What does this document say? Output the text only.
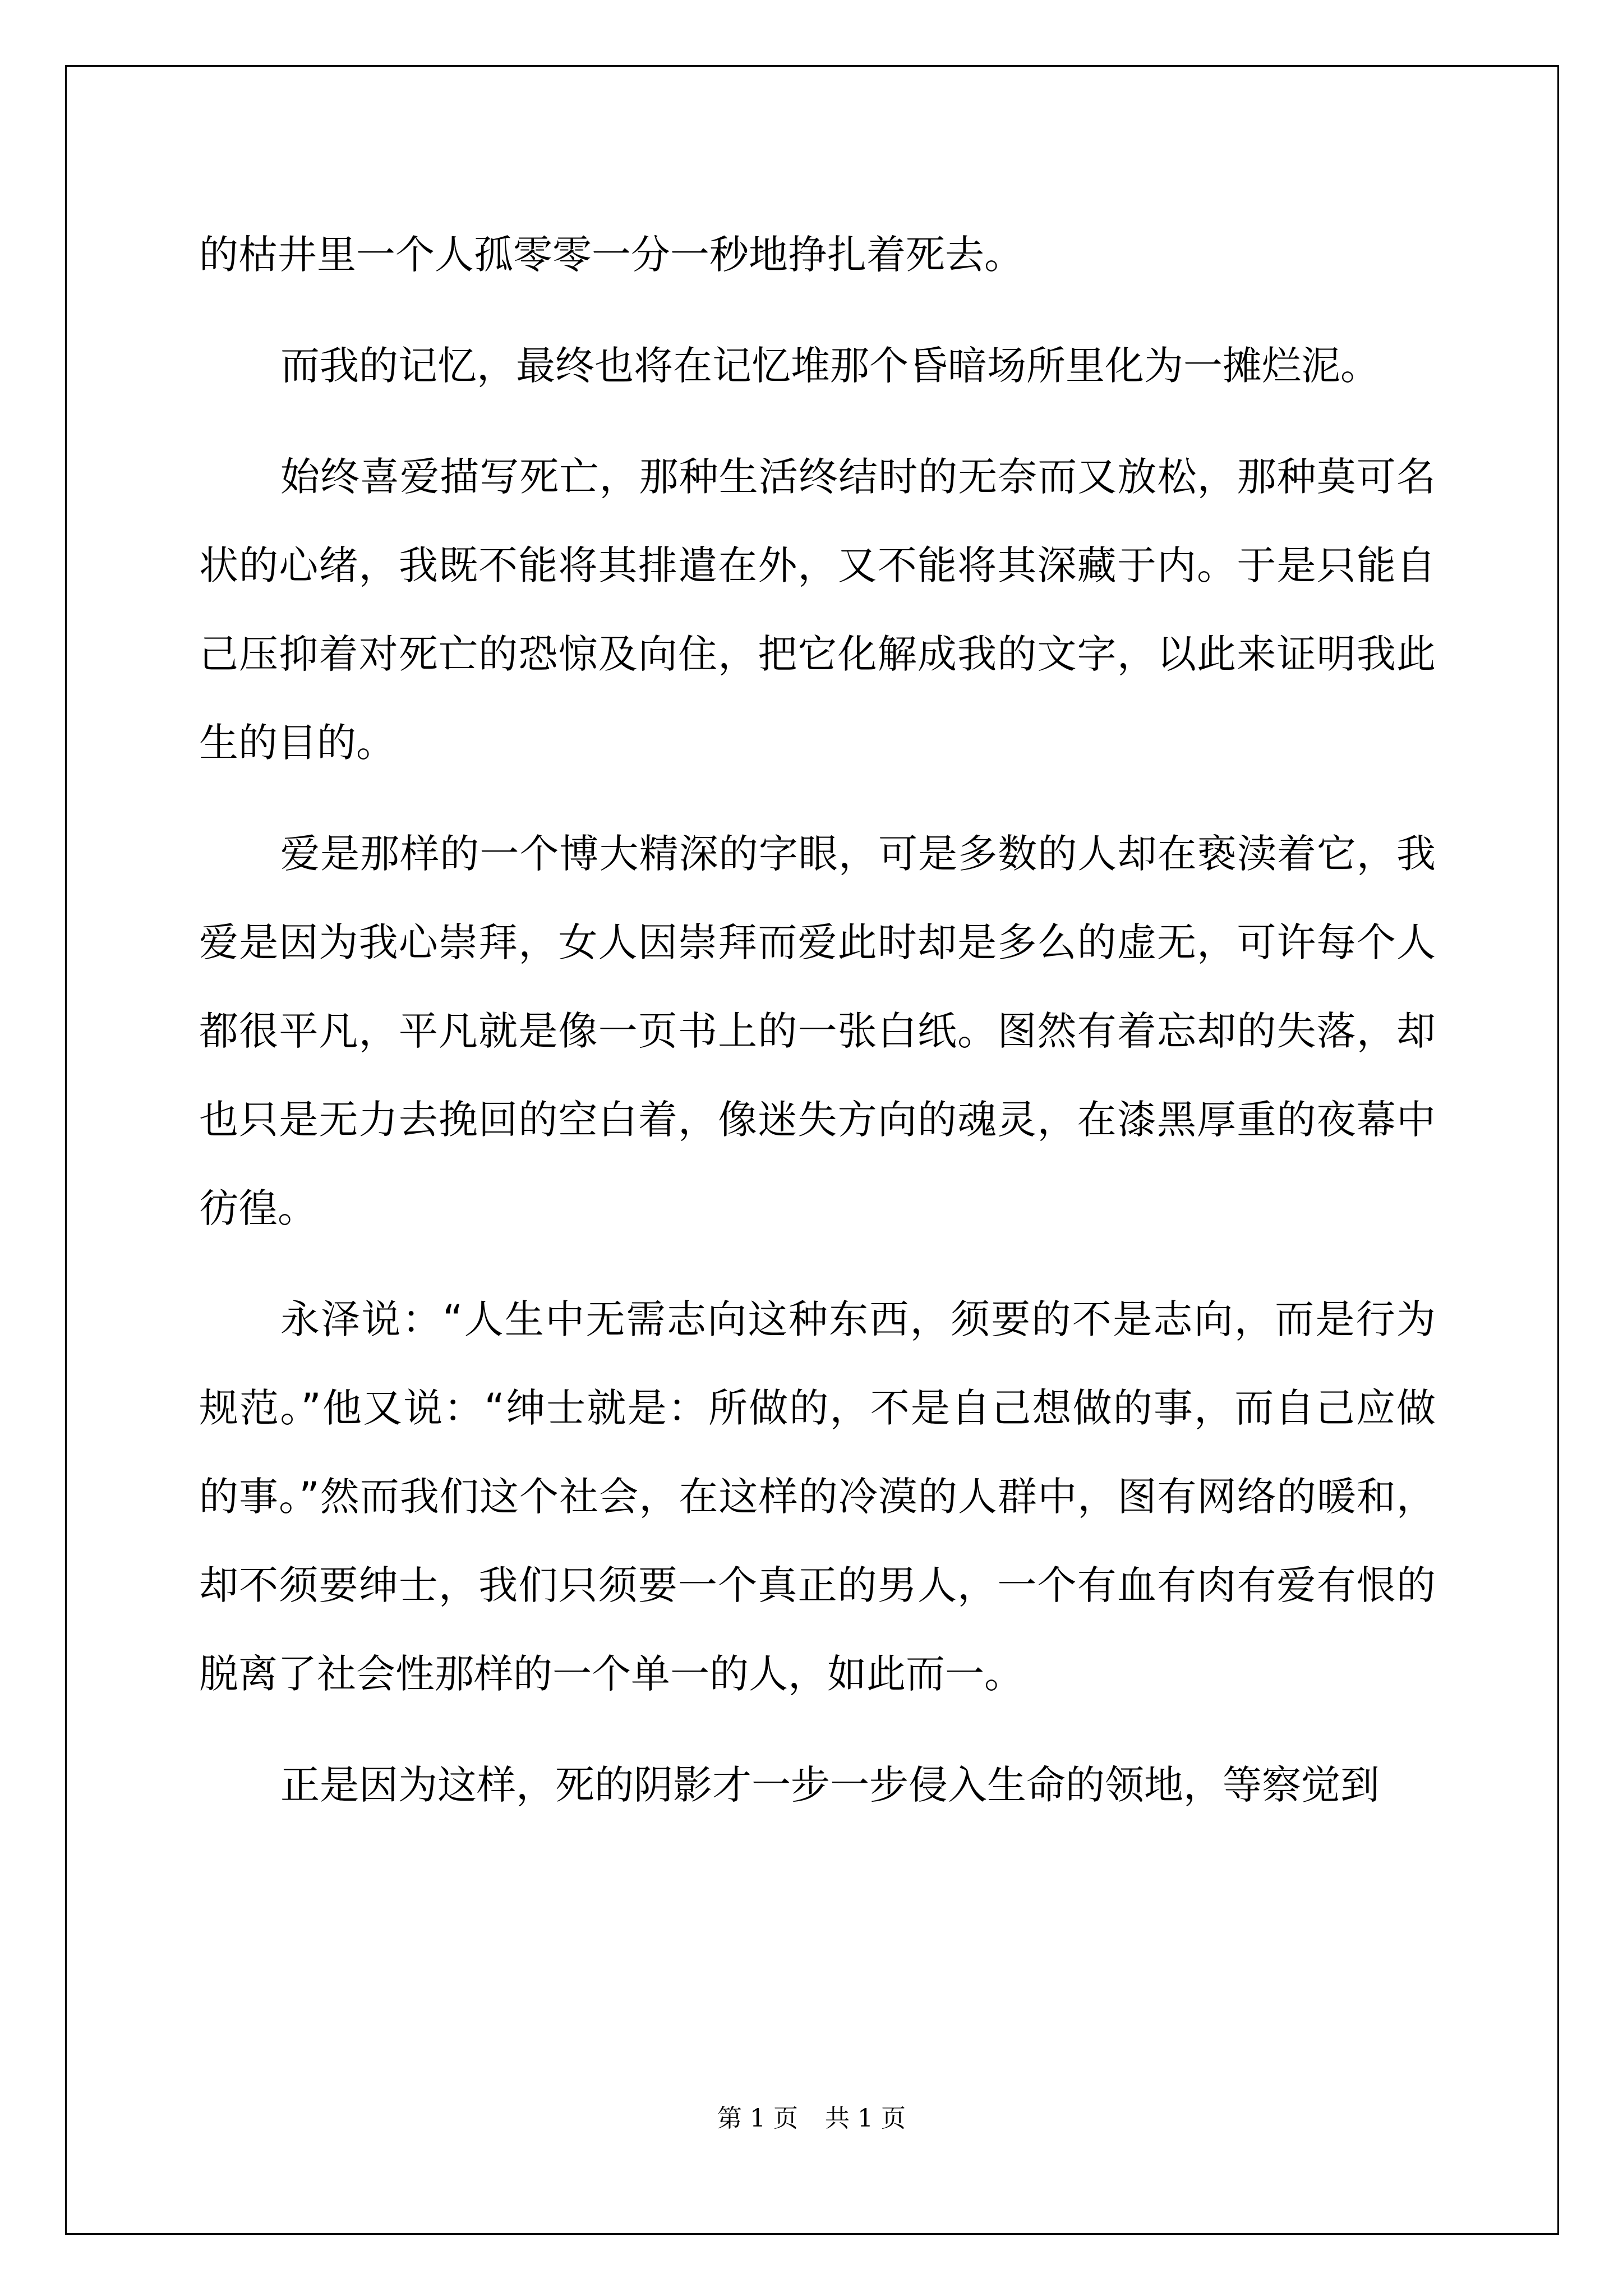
的枯井里一个人孤零零一分一秒地挣扎着死去。

而我的记忆，最终也将在记忆堆那个昏暗场所里化为一摊烂泥。

始终喜爱描写死亡，那种生活终结时的无奈而又放松，那种莫可名状的心绪，我既不能将其排遣在外，又不能将其深藏于内。于是只能自己压抑着对死亡的恐惊及向住，把它化解成我的文字，以此来证明我此生的目的。

爱是那样的一个博大精深的字眼，可是多数的人却在亵渎着它，我爱是因为我心崇拜，女人因崇拜而爱此时却是多么的虚无，可许每个人都很平凡，平凡就是像一页书上的一张白纸。图然有着忘却的失落，却也只是无力去挽回的空白着，像迷失方向的魂灵，在漆黑厚重的夜幕中彷徨。

永泽说：“人生中无需志向这种东西，须要的不是志向，而是行为规范。”他又说：“绅士就是：所做的，不是自己想做的事，而自己应做的事。”然而我们这个社会，在这样的冷漠的人群中，图有网络的暖和，却不须要绅士，我们只须要一个真正的男人，一个有血有肉有爱有恨的脱离了社会性那样的一个单一的人，如此而一。

正是因为这样，死的阴影才一步一步侵入生命的领地，等察觉到

第 1 页 共 1 页
